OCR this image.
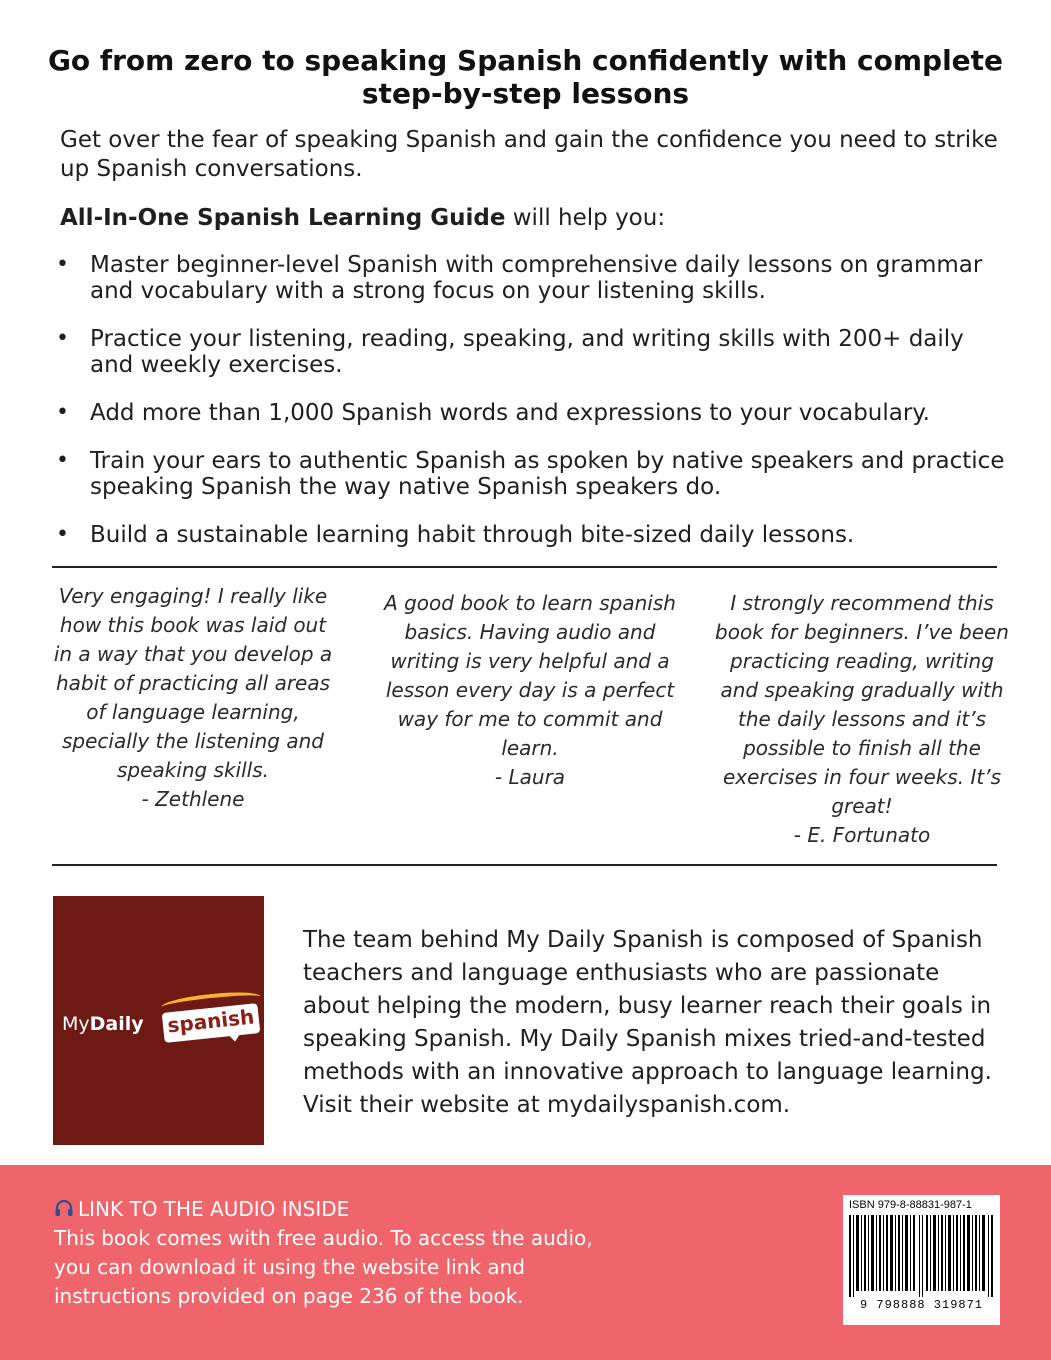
Go from zero to speaking Spanish confidently with complete step-by-step lessons
Get over the fear of speaking Spanish and gain the confidence you need to strike up Spanish conversations.
All-In-One Spanish Learning Guide will help you:
• Master beginner-level Spanish with comprehensive daily lessons on grammar and vocabulary with a strong focus on your listening skills.
• Practice your listening, reading, speaking, and writing skills with 200+ daily and weekly exercises.
• Add more than 1,000 Spanish words and expressions to your vocabulary.
• Train your ears to authentic Spanish as spoken by native speakers and practice speaking Spanish the way native Spanish speakers do.
• Build a sustainable learning habit through bite-sized daily lessons.
Very engaging! I really like how this book was laid out in a way that you develop a habit of practicing all areas of language learning, specially the listening and speaking skills.
- Zethlene
A good book to learn spanish basics. Having audio and writing is very helpful and a lesson every day is a perfect way for me to commit and learn.
- Laura
I strongly recommend this book for beginners. I’ve been practicing reading, writing and speaking gradually with the daily lessons and it’s possible to finish all the exercises in four weeks. It’s great!
- E. Fortunato
MyDaily spanish
The team behind My Daily Spanish is composed of Spanish teachers and language enthusiasts who are passionate about helping the modern, busy learner reach their goals in speaking Spanish. My Daily Spanish mixes tried-and-tested methods with an innovative approach to language learning. Visit their website at mydailyspanish.com.
LINK TO THE AUDIO INSIDE
This book comes with free audio. To access the audio, you can download it using the website link and instructions provided on page 236 of the book.
ISBN 979-8-88831-987-1
9 798888 319871
